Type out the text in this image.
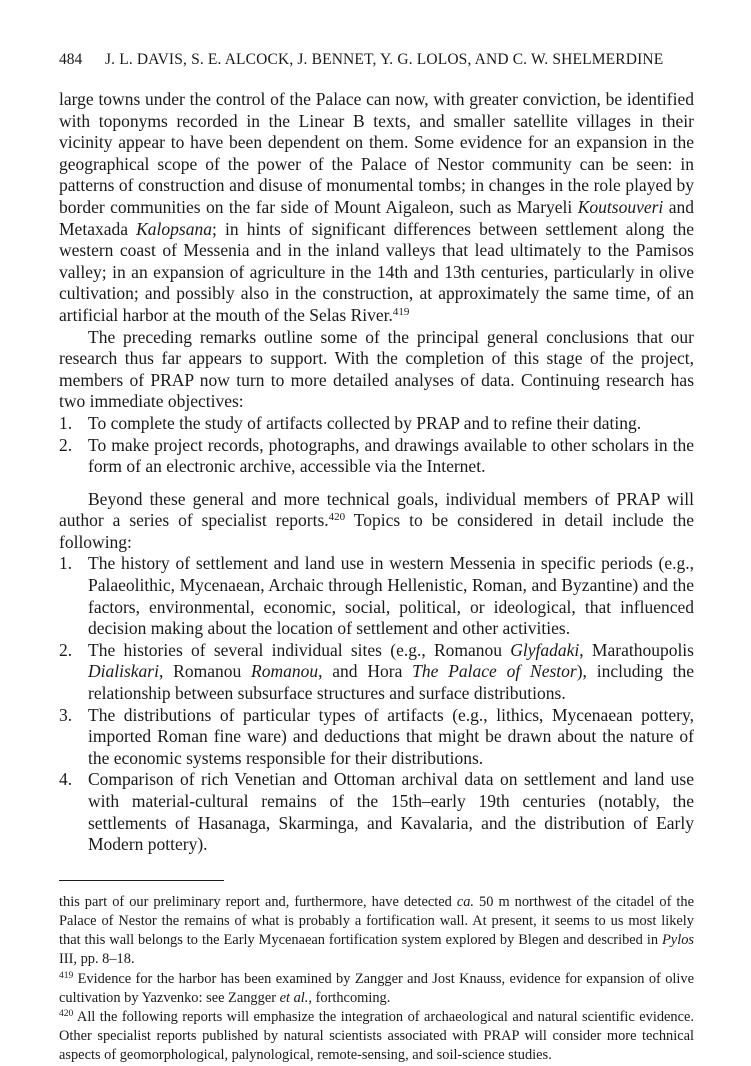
484 J. L. DAVIS, S. E. ALCOCK, J. BENNET, Y. G. LOLOS, AND C. W. SHELMERDINE

large towns under the control of the Palace can now, with greater conviction, be identified with toponyms recorded in the Linear B texts, and smaller satellite villages in their vicinity appear to have been dependent on them. Some evidence for an expansion in the geographical scope of the power of the Palace of Nestor community can be seen: in patterns of construction and disuse of monumental tombs; in changes in the role played by border communities on the far side of Mount Aigaleon, such as Maryeli Koutsouveri and Metaxada Kalopsana; in hints of significant differences between settlement along the western coast of Messenia and in the inland valleys that lead ultimately to the Pamisos valley; in an expansion of agriculture in the 14th and 13th centuries, particularly in olive cultivation; and possibly also in the construction, at approximately the same time, of an artificial harbor at the mouth of the Selas River.$^{419}$

The preceding remarks outline some of the principal general conclusions that our research thus far appears to support. With the completion of this stage of the project, members of PRAP now turn to more detailed analyses of data. Continuing research has two immediate objectives:

1. To complete the study of artifacts collected by PRAP and to refine their dating.
2. To make project records, photographs, and drawings available to other scholars in the form of an electronic archive, accessible via the Internet.

Beyond these general and more technical goals, individual members of PRAP will author a series of specialist reports.$^{420}$ Topics to be considered in detail include the following:

1. The history of settlement and land use in western Messenia in specific periods (e.g., Palaeolithic, Mycenaean, Archaic through Hellenistic, Roman, and Byzantine) and the factors, environmental, economic, social, political, or ideological, that influenced decision making about the location of settlement and other activities.
2. The histories of several individual sites (e.g., Romanou Glyfadaki, Marathoupolis Dialiskari, Romanou Romanou, and Hora The Palace of Nestor), including the relationship between subsurface structures and surface distributions.
3. The distributions of particular types of artifacts (e.g., lithics, Mycenaean pottery, imported Roman fine ware) and deductions that might be drawn about the nature of the economic systems responsible for their distributions.
4. Comparison of rich Venetian and Ottoman archival data on settlement and land use with material-cultural remains of the 15th–early 19th centuries (notably, the settlements of Hasanaga, Skarminga, and Kavalaria, and the distribution of Early Modern pottery).

this part of our preliminary report and, furthermore, have detected ca. 50 m northwest of the citadel of the Palace of Nestor the remains of what is probably a fortification wall. At present, it seems to us most likely that this wall belongs to the Early Mycenaean fortification system explored by Blegen and described in Pylos III, pp. 8–18.

$^{419}$ Evidence for the harbor has been examined by Zangger and Jost Knauss, evidence for expansion of olive cultivation by Yazvenko: see Zangger et al., forthcoming.

$^{420}$ All the following reports will emphasize the integration of archaeological and natural scientific evidence. Other specialist reports published by natural scientists associated with PRAP will consider more technical aspects of geomorphological, palynological, remote-sensing, and soil-science studies.
